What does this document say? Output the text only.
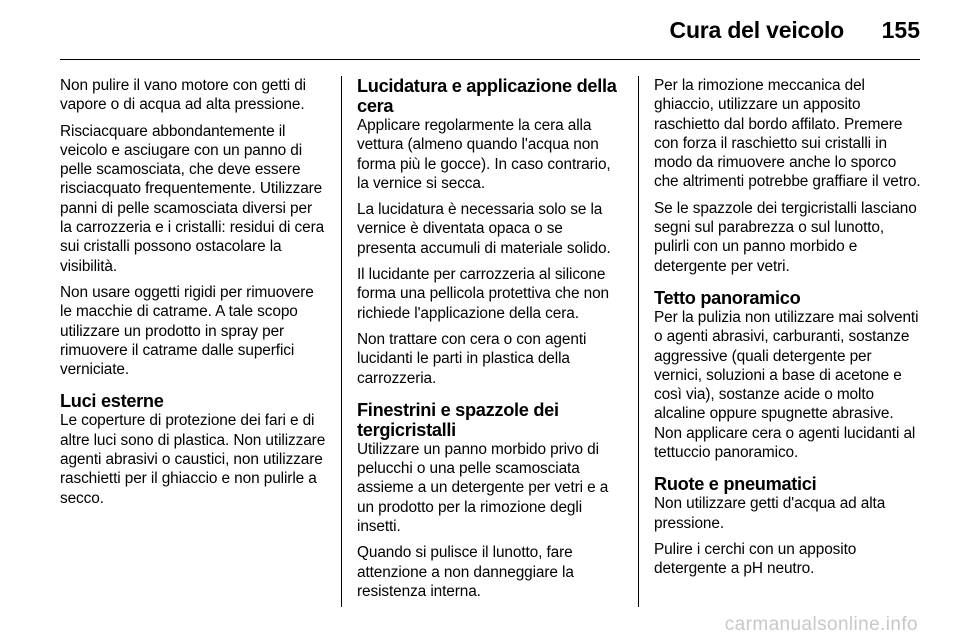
Cura del veicolo 155

Non pulire il vano motore con getti di vapore o di acqua ad alta pressione.

Risciacquare abbondantemente il veicolo e asciugare con un panno di pelle scamosciata, che deve essere risciacquato frequentemente. Utilizzare panni di pelle scamosciata diversi per la carrozzeria e i cristalli: residui di cera sui cristalli possono ostacolare la visibilità.

Non usare oggetti rigidi per rimuovere le macchie di catrame. A tale scopo utilizzare un prodotto in spray per rimuovere il catrame dalle superfici verniciate.

Luci esterne

Le coperture di protezione dei fari e di altre luci sono di plastica. Non utilizzare agenti abrasivi o caustici, non utilizzare raschietti per il ghiaccio e non pulirle a secco.

Lucidatura e applicazione della cera

Applicare regolarmente la cera alla vettura (almeno quando l'acqua non forma più le gocce). In caso contrario, la vernice si secca.

La lucidatura è necessaria solo se la vernice è diventata opaca o se presenta accumuli di materiale solido.

Il lucidante per carrozzeria al silicone forma una pellicola protettiva che non richiede l'applicazione della cera.

Non trattare con cera o con agenti lucidanti le parti in plastica della carrozzeria.

Finestrini e spazzole dei tergicristalli

Utilizzare un panno morbido privo di pelucchi o una pelle scamosciata assieme a un detergente per vetri e a un prodotto per la rimozione degli insetti.

Quando si pulisce il lunotto, fare attenzione a non danneggiare la resistenza interna.

Per la rimozione meccanica del ghiaccio, utilizzare un apposito raschietto dal bordo affilato. Premere con forza il raschietto sui cristalli in modo da rimuovere anche lo sporco che altrimenti potrebbe graffiare il vetro.

Se le spazzole dei tergicristalli lasciano segni sul parabrezza o sul lunotto, pulirli con un panno morbido e detergente per vetri.

Tetto panoramico

Per la pulizia non utilizzare mai solventi o agenti abrasivi, carburanti, sostanze aggressive (quali detergente per vernici, soluzioni a base di acetone e così via), sostanze acide o molto alcaline oppure spugnette abrasive. Non applicare cera o agenti lucidanti al tettuccio panoramico.

Ruote e pneumatici

Non utilizzare getti d'acqua ad alta pressione.

Pulire i cerchi con un apposito detergente a pH neutro.

carmanualsonline.info
